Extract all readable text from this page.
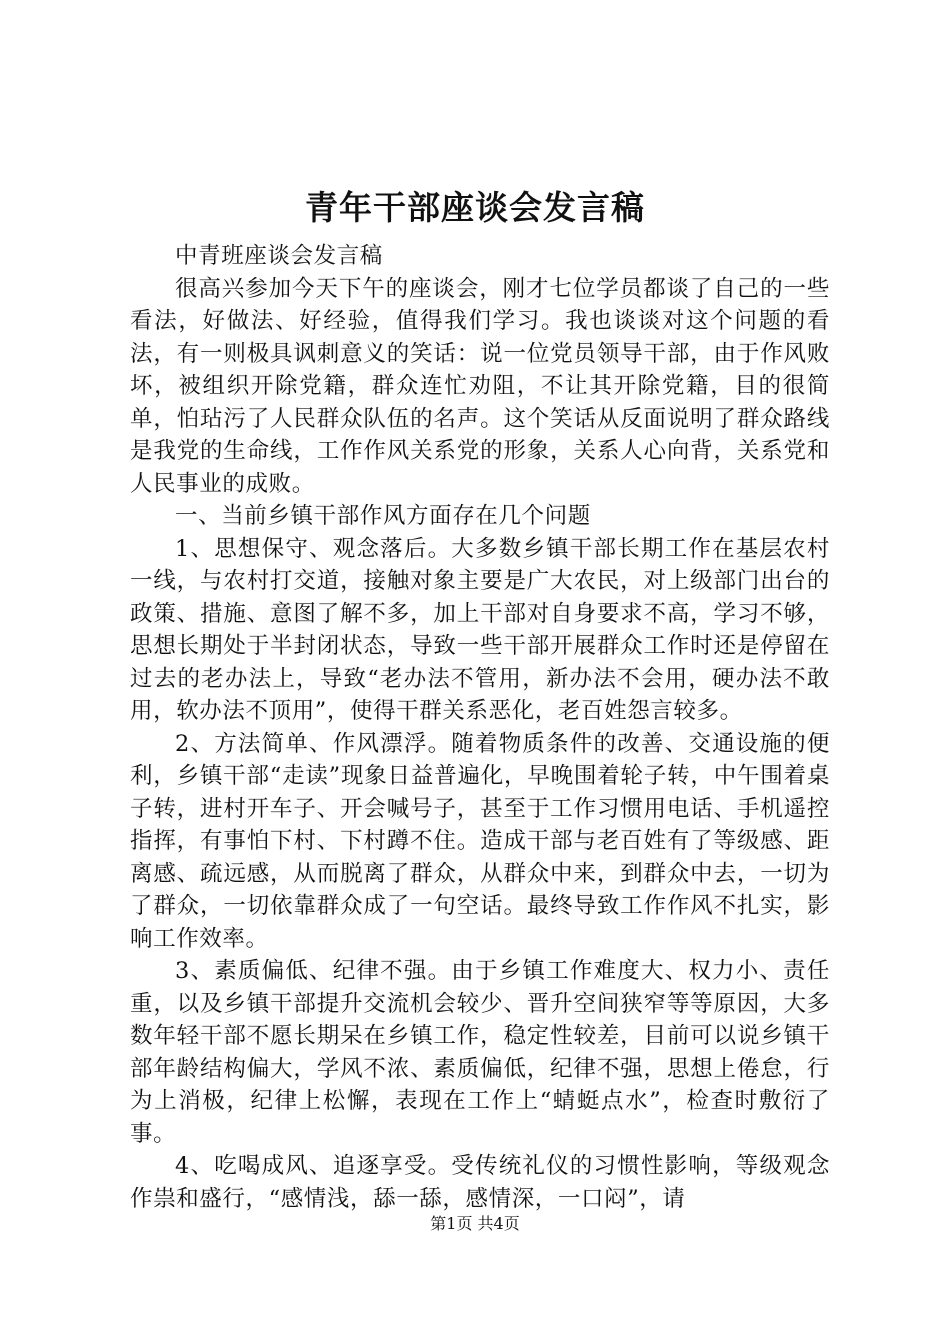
青年干部座谈会发言稿

中青班座谈会发言稿

很高兴参加今天下午的座谈会，刚才七位学员都谈了自己的一些看法，好做法、好经验，值得我们学习。我也谈谈对这个问题的看法，有一则极具讽刺意义的笑话：说一位党员领导干部，由于作风败坏，被组织开除党籍，群众连忙劝阻，不让其开除党籍，目的很简单，怕玷污了人民群众队伍的名声。这个笑话从反面说明了群众路线是我党的生命线，工作作风关系党的形象，关系人心向背，关系党和人民事业的成败。

一、当前乡镇干部作风方面存在几个问题

1、思想保守、观念落后。大多数乡镇干部长期工作在基层农村一线，与农村打交道，接触对象主要是广大农民，对上级部门出台的政策、措施、意图了解不多，加上干部对自身要求不高，学习不够，思想长期处于半封闭状态，导致一些干部开展群众工作时还是停留在过去的老办法上，导致“老办法不管用，新办法不会用，硬办法不敢用，软办法不顶用”，使得干群关系恶化，老百姓怨言较多。

2、方法简单、作风漂浮。随着物质条件的改善、交通设施的便利，乡镇干部“走读”现象日益普遍化，早晚围着轮子转，中午围着桌子转，进村开车子、开会喊号子，甚至于工作习惯用电话、手机遥控指挥，有事怕下村、下村蹲不住。造成干部与老百姓有了等级感、距离感、疏远感，从而脱离了群众，从群众中来，到群众中去，一切为了群众，一切依靠群众成了一句空话。最终导致工作作风不扎实，影响工作效率。

3、素质偏低、纪律不强。由于乡镇工作难度大、权力小、责任重，以及乡镇干部提升交流机会较少、晋升空间狭窄等等原因，大多数年轻干部不愿长期呆在乡镇工作，稳定性较差，目前可以说乡镇干部年龄结构偏大，学风不浓、素质偏低，纪律不强，思想上倦怠，行为上消极，纪律上松懈，表现在工作上“蜻蜓点水”，检查时敷衍了事。

4、吃喝成风、追逐享受。受传统礼仪的习惯性影响，等级观念作祟和盛行，“感情浅，舔一舔，感情深，一口闷”，请

第1页 共4页
